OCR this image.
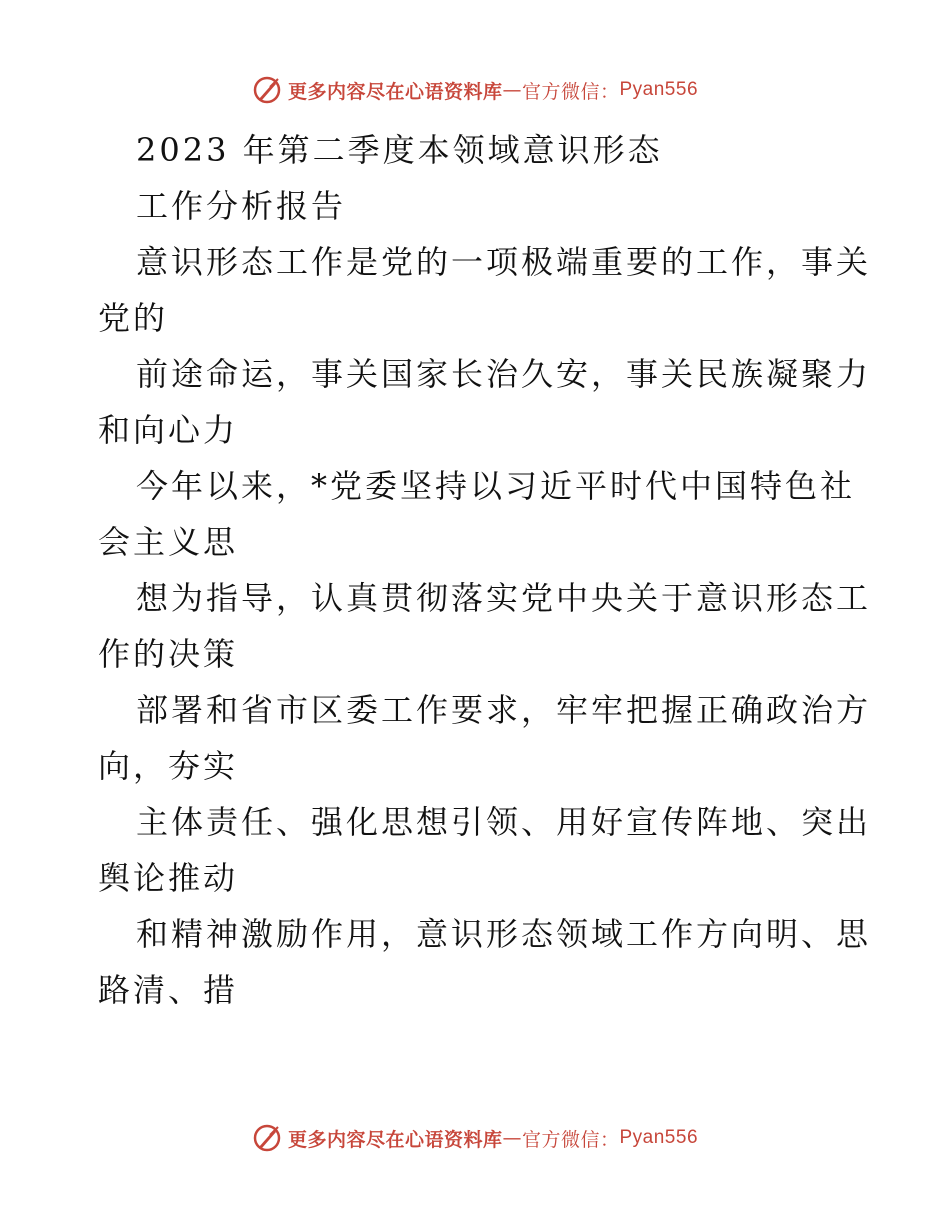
更多内容尽在心语资料库 — 官方微信： Pyan556
2023 年第二季度本领域意识形态
工作分析报告
意识形态工作是党的一项极端重要的工作，事关
党的
前途命运，事关国家长治久安，事关民族凝聚力
和向心力
今年以来，*党委坚持以习近平时代中国特色社
会主义思
想为指导，认真贯彻落实党中央关于意识形态工
作的决策
部署和省市区委工作要求，牢牢把握正确政治方
向，夯实
主体责任、强化思想引领、用好宣传阵地、突出
舆论推动
和精神激励作用，意识形态领域工作方向明、思
路清、措
更多内容尽在心语资料库 — 官方微信： Pyan556
